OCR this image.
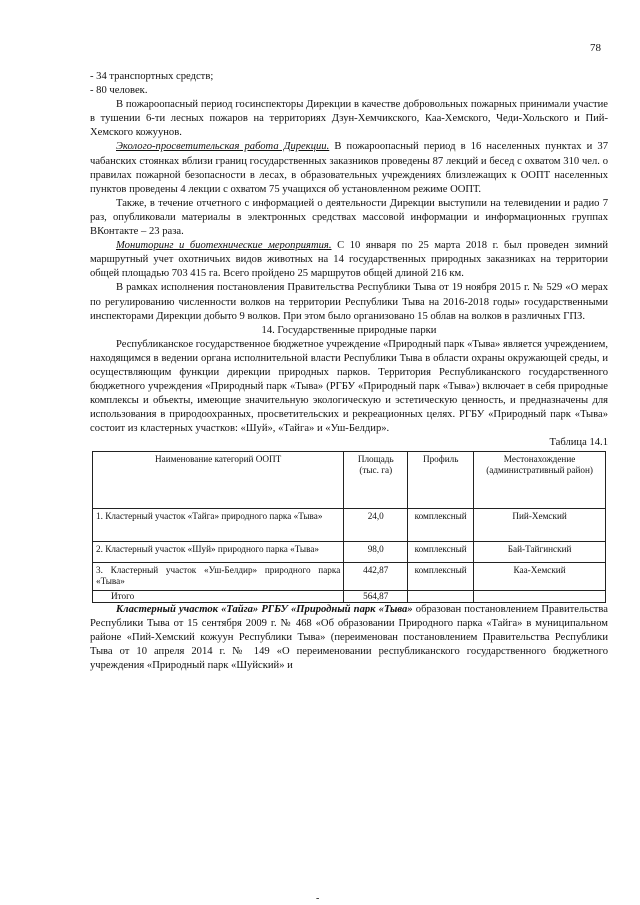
78

- 34 транспортных средств;

- 80 человек.

В пожароопасный период госинспекторы Дирекции в качестве добровольных пожарных принимали участие в тушении 6-ти лесных пожаров на территориях Дзун-Хемчикского, Каа-Хемского, Чеди-Хольского и Пий-Хемского кожуунов.

Эколого-просветительская работа Дирекции. В пожароопасный период в 16 населенных пунктах и 37 чабанских стоянках вблизи границ государственных заказников проведены 87 лекций и бесед с охватом 310 чел. о правилах пожарной безопасности в лесах, в образовательных учреждениях близлежащих к ООПТ населенных пунктов проведены 4 лекции с охватом 75 учащихся об установленном режиме ООПТ.

Также, в течение отчетного с информацией о деятельности Дирекции выступили на телевидении и радио 7 раз, опубликовали материалы в электронных средствах массовой информации и информационных группах ВКонтакте – 23 раза.

Мониторинг и биотехнические мероприятия. С 10 января по 25 марта 2018 г. был проведен зимний маршрутный учет охотничьих видов животных на 14 государственных природных заказниках на территории общей площадью 703 415 га. Всего пройдено 25 маршрутов общей длиной 216 км.

В рамках исполнения постановления Правительства Республики Тыва от 19 ноября 2015 г. № 529 «О мерах по регулированию численности волков на территории Республики Тыва на 2016-2018 годы» государственными инспекторами Дирекции добыто 9 волков. При этом было организовано 15 облав на волков в различных ГПЗ.

14. Государственные природные парки

Республиканское государственное бюджетное учреждение «Природный парк «Тыва» является учреждением, находящимся в ведении органа исполнительной власти Республики Тыва в области охраны окружающей среды, и осуществляющим функции дирекции природных парков. Территория Республиканского государственного бюджетного учреждения «Природный парк «Тыва» (РГБУ «Природный парк «Тыва») включает в себя природные комплексы и объекты, имеющие значительную экологическую и эстетическую ценность, и предназначены для использования в природоохранных, просветительских и рекреационных целях. РГБУ «Природный парк «Тыва» состоит из кластерных участков: «Шуй», «Тайга» и «Уш-Белдир».

Таблица 14.1

Наименование категорий ООПТ	Площадь (тыс. га)	Профиль	Местонахождение (административный район)
1. Кластерный участок «Тайга» природного парка «Тыва»	24,0	комплексный	Пий-Хемский
2. Кластерный участок «Шуй» природного парка «Тыва»	98,0	комплексный	Бай-Тайгинский
3. Кластерный участок «Уш-Белдир» природного парка «Тыва»	442,87	комплексный	Каа-Хемский
Итого	564,87		

Кластерный участок «Тайга» РГБУ «Природный парк «Тыва» образован постановлением Правительства Республики Тыва от 15 сентября 2009 г. № 468 «Об образовании Природного парка «Тайга» в муниципальном районе «Пий-Хемский кожуун Республики Тыва» (переименован постановлением Правительства Республики Тыва от 10 апреля 2014 г. № 149 «О переименовании республиканского государственного бюджетного учреждения «Природный парк «Шуйский» и

-
